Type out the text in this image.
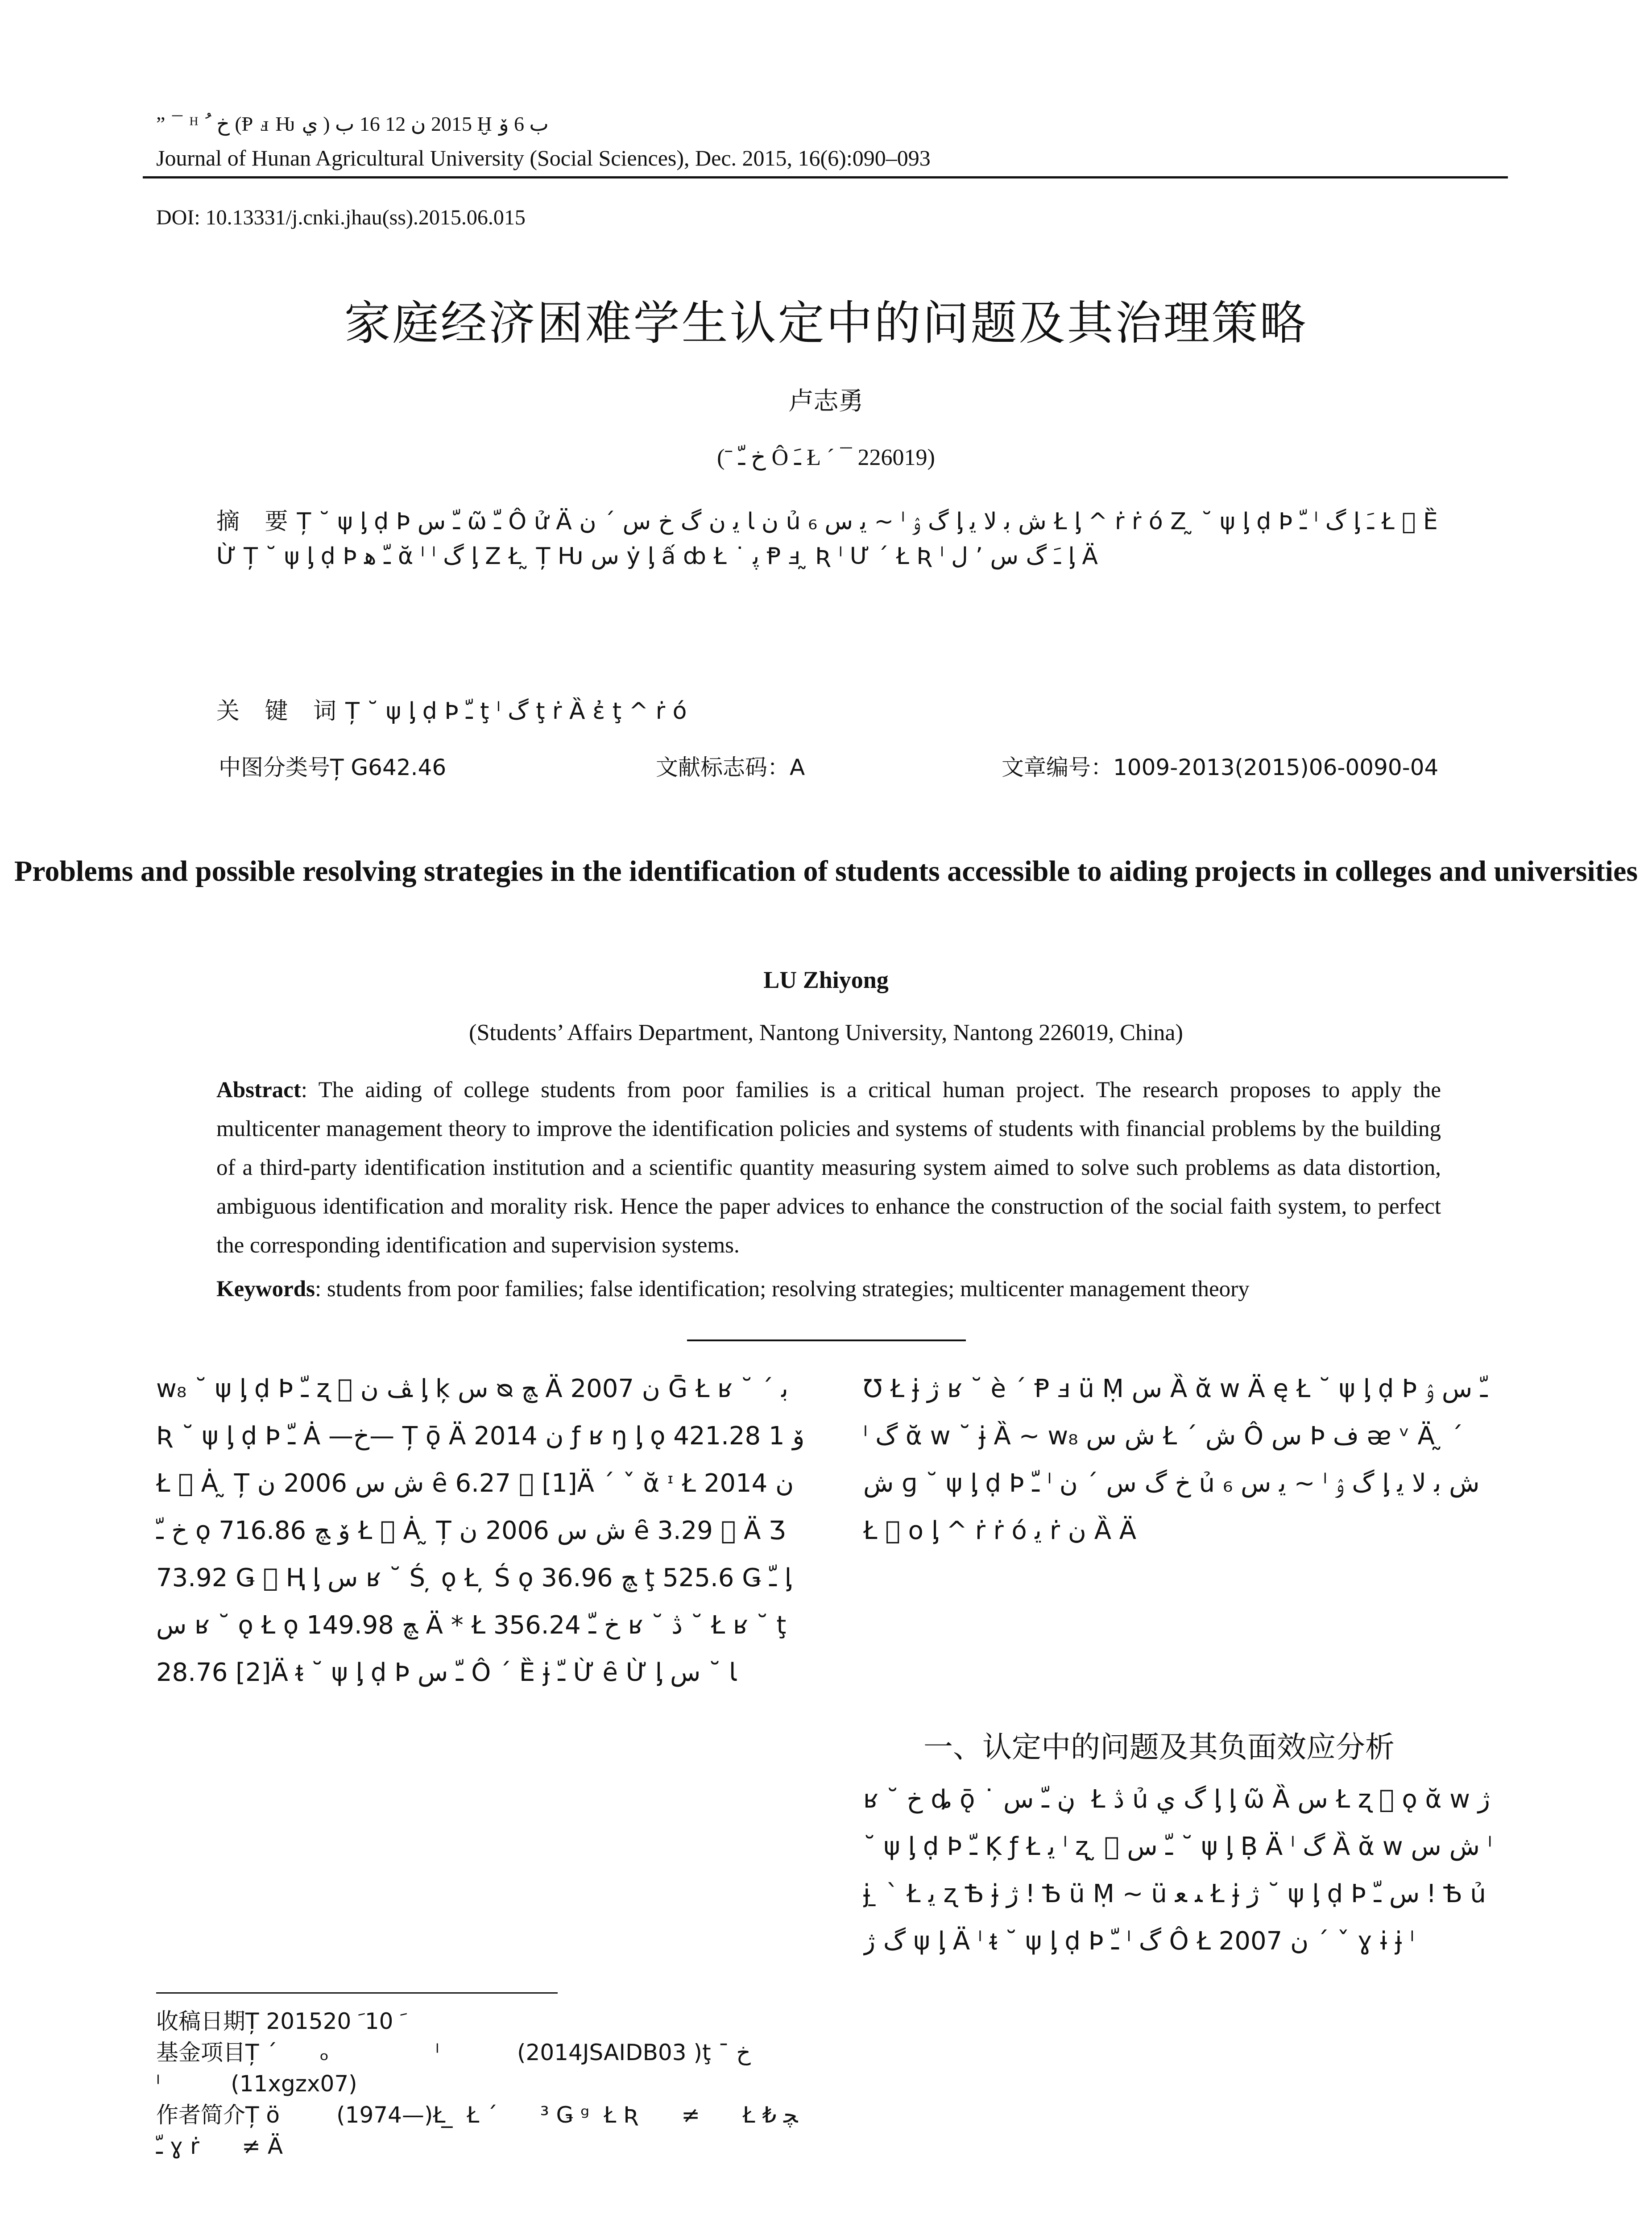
” ¯ ᴴ ﺥ ﹸ (Ᵽ ⅎ Ƕ ﻱ ) 2015 ﻥ 12 16 ﺏ Ḫ ﺏ 6 ﯙ
Journal of Hunan Agricultural University (Social Sciences), Dec. 2015, 16(6):090–093
DOI: 10.13331/j.cnki.jhau(ss).2015.06.015
家庭经济困难学生认定中的问题及其治理策略
卢志勇
(ˉ ﺥ ﹽ Ô ﹷ Ł ´ ¯ 226019)
摘 要Ț ˘ ψ ᶅ ḍ Þ ﹽ ﺱ ῶ ﹽ Ô ử Ä ﻥ ﺎ ﻳ ﻥ ﮒ ﺥ ﺱ ´ ﻥ ủ ﻳ ﺱ ₆ ~ ˡ ﮒ ﯢ ᶅ ﺵ ﺑ ﻻ ﯾ Ł ᶅ ^ ṙ ṙ ó Ζ ̰ ˘ ψ ᶅ ḍ Þ ﹽ ˡ ﮒ ᶅ ﹷ Ł ⃞ Ȅ Ừ Ț ˘ ψ ᶅ ḍ Þ ﹽ ﮬ ᾰ ˡ ˡ ﮒ ᶅ Ζ Ł ̰ Ț Ƕ ﺱ ẏ ᶅ ấ ȸ Ł ˙ ﭘ Ᵽ ⅎ ̰ Ʀ ˡ Ư ´ Ł Ʀ ˡ ﹷ ﮒ ﺱ ’ ﻝ ᶅ Ä
关 键 词Ț ˘ ψ ᶅ ḍ Þ ﹽ ţ ˡ ﮒ ţ ṙ Ȁ ἐ ţ ^ ṙ ó
中图分类号Ț G642.46	文献标志码：A	文章编号：1009-2013(2015)06-0090-04
Problems and possible resolving strategies in the identification of students accessible to aiding projects in colleges and universities
LU Zhiyong
(Students’ Affairs Department, Nantong University, Nantong 226019, China)
Abstract: The aiding of college students from poor families is a critical human project. The research proposes to apply the multicenter management theory to improve the identification policies and systems of students with financial problems by the building of a third-party identification institution and a scientific quantity measuring system aimed to solve such problems as data distortion, ambiguous identification and morality risk. Hence the paper advices to enhance the construction of the social faith system, to perfect the corresponding identification and supervision systems.
Keywords: students from poor families; false identification; resolving strategies; multicenter management theory
ᴡ₈ ˘ ψ ᶅ ḍ Þ ﹽ ʐ ⃞ ﭫ ﻥ ᶅ ķ ﺱ ᴓ ﭻ Ä 2007 ﻥ Ḡ Ł ʁ ˘ ´ ﺑ Ʀ ˘ ψ ᶅ ḍ Þ ﹽ Ȧ —ﺥ— Ț ǭ Ä 2014 ﻥ ƒ ʁ ŋ ᶅ ǫ ﯙ 1 421.28 Ł ⃞ Ȧ ̰ Ț ﺵ ﺱ 2006 ﻥ ȇ 6.27 ⃞ [1]Ä ´ ˇ ᾰ ᶦ Ł 2014 ﻥ ﺥ ﹽ ǫ ﯙ ﭻ 716.86 Ł ⃞ Ȧ ̰ Ț ﺵ ﺱ 2006 ﻥ ȇ 3.29 ⃞ Ä Ʒ 73.92 Ǥ ⃞ Ⱨ ᶅ ﺱ ʁ ˘ Ś ̦ ǫ Ł ̦ Ś ǫ ﭻ 36.96 ţ 525.6 Ǥ ﹽ ᶅ ﺱ ʁ ˘ ǫ Ł ǫ ﭻ 149.98 Ä * Ł 356.24 ﺥ ﹽ ʁ ˘ ﮆ ˘ Ł ʁ ˘ ţ 28.76 [2]Ä ᵵ ˘ ψ ᶅ ḍ Þ ﹽ ﺱ Ô ´ Ȅ ɉ ﹽ Ừ ȇ Ừ ᶅ ﺎ ˘ ﺱ
Ʊ Ł ɉ ﮊ ʁ ˘ ѐ ´ Ᵽ ⅎ ü Ṃ ﺱ Ȁ ᾰ ᴡ Ä ę Ł ˘ ψ ᶅ ḍ Þ ﹽ ﺱ ﯢ ˡ ﮒ ᾰ ᴡ ˘ ɉ Ȁ ~ ᴡ₈ ﺵ ﺱ Ł ´ ﺵ Ô ﺱ Þ ﻑ ᴂ ᵛ Ä ̰ ´ ﺵ ɡ ˘ ψ ᶅ ḍ Þ ﹽ ˡ ﺥ ﮒ ﺱ ´ ﻥ ủ ﻳ ﺱ ₆ ~ ˡ ﮒ ﯢ ᶅ ﺵ ﺑ ﻻ ﯾ Ł ⃞ o ᶅ ^ ṙ ṙ ó ﻳ ṙ ﻥ Ȁ Ä
一、认定中的问题及其负面效应分析
ʁ ˘ ﺥ ȡ ǭ ˙ ﻥ ﹽ ﺱ ̦ Ł ﮆ ủ ﮒ ﻱ ᶅ ᶅ ῶ Ȁ ﺱ Ł ʐ ⃞ ǫ ᾰ ᴡ ﮊ ˘ ψ ᶅ ḍ Þ ﹽ Ķ ƒ Ł ﻳ ˡ ʐ ̰ ⃞ ﹽ ﺱ ˘ ψ ᶅ Ḅ Ä ˡ ﮒ Ȁ ᾰ ᴡ ﺵ ﺱ ˡ ɉ ̱ ˋ Ł ﻳ ʐ Ѣ ɉ ﮊ ǃ Ѣ ü Ṃ ~ ü ﯩ ﻌ Ł ɉ ﮊ ˘ ψ ᶅ ḍ Þ ﺱ ﹽ ǃ Ѣ ủ ﮒ ﮊ ψ ᶅ Ä ˡ ᵵ ˘ ψ ᶅ ḍ Þ ﹽ ˡ ﮒ Ô Ł 2007 ﻥ ´ ˇ ɣ ɨ ɉ ˡ
收稿日期Ț 2015ﹶ 10ﹶ 20
基金项目Ț ´      ₒ               ˡ           (2014JSAIDB03 )ţ ¯ ﺥ         ˡ          (11xgzx07)
作者简介Ț ö        (1974—)Ł ̲  Ł ´      ³ Ǥ ᵍ  Ł Ʀ      ≠      Ł ﭽ ₺    ﹽ ɣ ṙ      ≠ Ä
